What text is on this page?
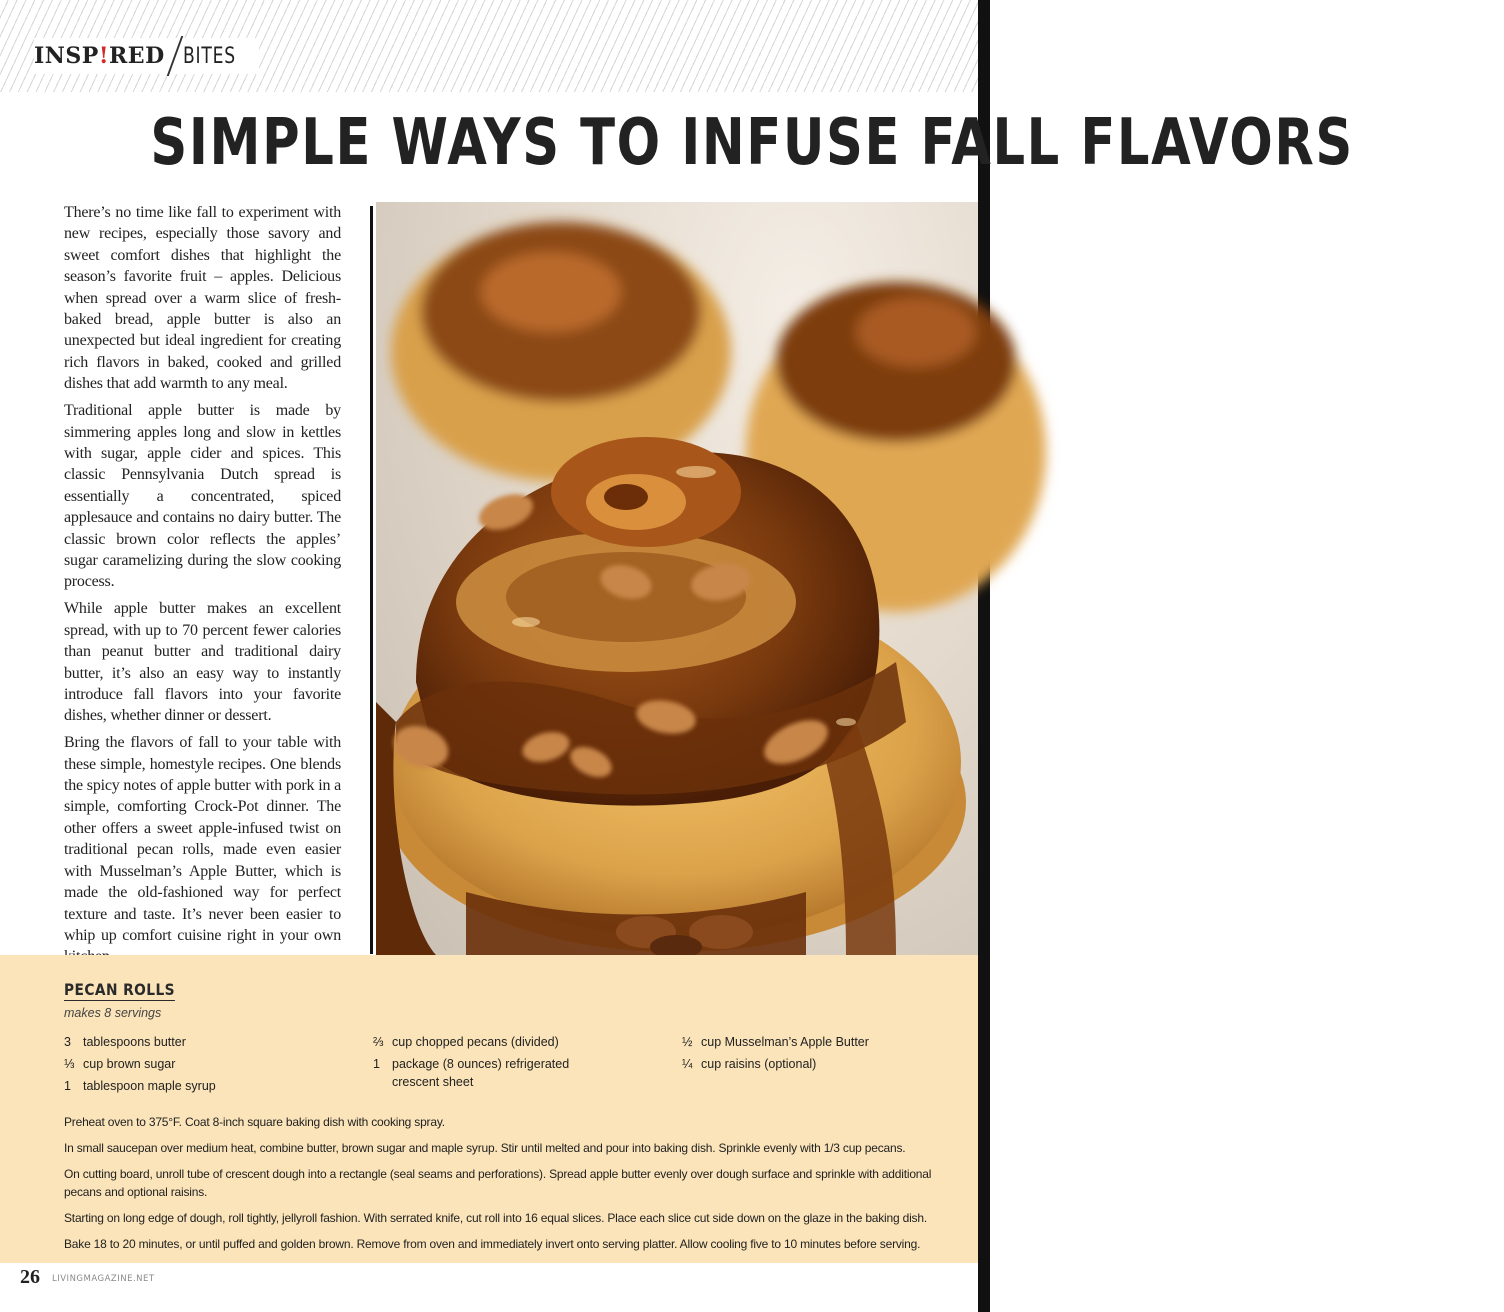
INSP!RED BITES
SIMPLE WAYS TO INFUSE FALL FLAVORS

There’s no time like fall to experiment with new recipes, especially those savory and sweet comfort dishes that highlight the season’s favorite fruit – apples. Delicious when spread over a warm slice of fresh-baked bread, apple butter is also an unexpected but ideal ingredient for creating rich flavors in baked, cooked and grilled dishes that add warmth to any meal.

Traditional apple butter is made by simmering apples long and slow in kettles with sugar, apple cider and spices. This classic Pennsylvania Dutch spread is essentially a concentrated, spiced applesauce and contains no dairy butter. The classic brown color reflects the apples’ sugar caramelizing during the slow cooking process.

While apple butter makes an excellent spread, with up to 70 percent fewer calories than peanut butter and traditional dairy butter, it’s also an easy way to instantly introduce fall flavors into your favorite dishes, whether dinner or dessert.

Bring the flavors of fall to your table with these simple, homestyle recipes. One blends the spicy notes of apple butter with pork in a simple, comforting Crock-Pot dinner. The other offers a sweet apple-infused twist on traditional pecan rolls, made even easier with Musselman’s Apple Butter, which is made the old-fashioned way for perfect texture and taste. It’s never been easier to whip up comfort cuisine right in your own

PECAN ROLLS
makes 8 servings
3 tablespoons butter
⅓ cup brown sugar
1 tablespoon maple syrup
⅔ cup chopped pecans (divided)
1 package (8 ounces) refrigerated crescent sheet
½ cup Musselman’s Apple Butter
¼ cup raisins (optional)

Preheat oven to 375°F. Coat 8-inch square baking dish with cooking spray.

In small saucepan over medium heat, combine butter, brown sugar and maple syrup. Stir until melted and pour into baking dish. Sprinkle evenly with 1/3 cup pecans.

On cutting board, unroll tube of crescent dough into a rectangle (seal seams and perforations). Spread apple butter evenly over dough surface and sprinkle with additional pecans and optional raisins.

Starting on long edge of dough, roll tightly, jellyroll fashion. With serrated knife, cut roll into 16 equal slices. Place each slice cut side down on the glaze in the baking dish.

Bake 18 to 20 minutes, or until puffed and golden brown. Remove from oven and immediately invert onto serving platter. Allow cooling five to 10 minutes before serving.

26 LIVINGMAGAZINE.NET
